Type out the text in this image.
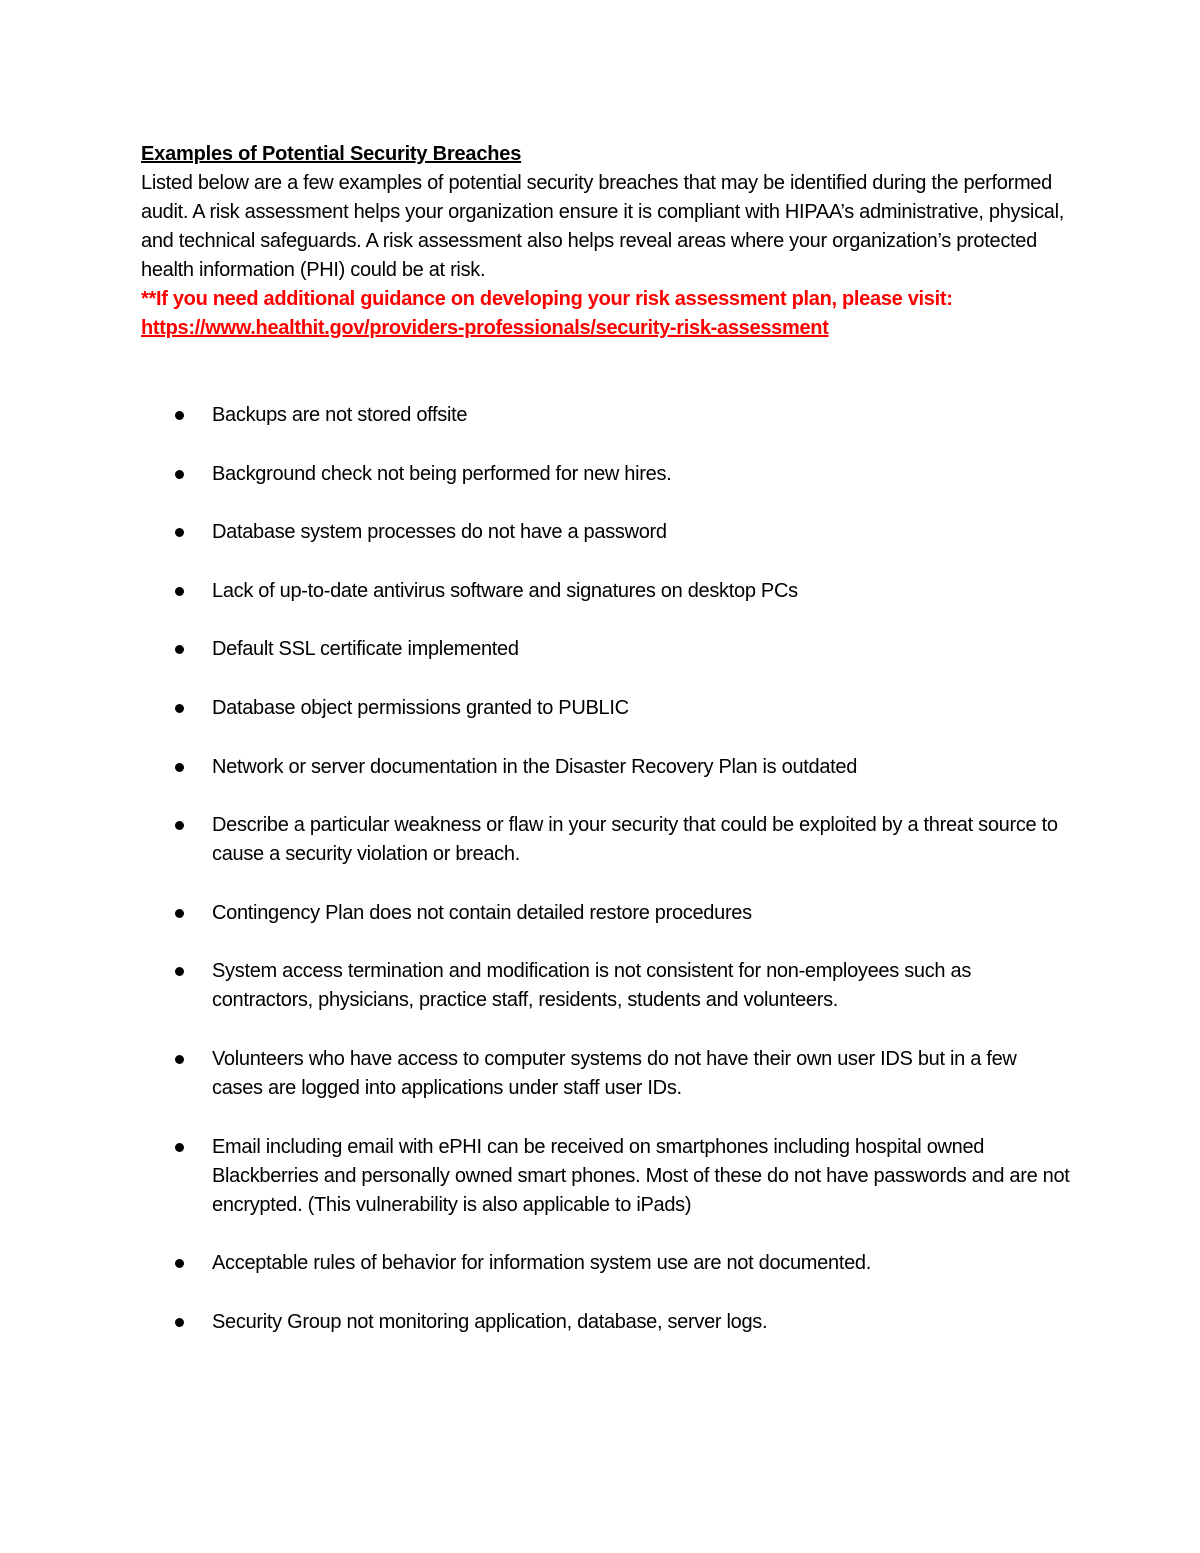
Examples of Potential Security Breaches

Listed below are a few examples of potential security breaches that may be identified during the performed audit. A risk assessment helps your organization ensure it is compliant with HIPAA’s administrative, physical, and technical safeguards. A risk assessment also helps reveal areas where your organization’s protected health information (PHI) could be at risk.

**If you need additional guidance on developing your risk assessment plan, please visit:
https://www.healthit.gov/providers-professionals/security-risk-assessment
Backups are not stored offsite
Background check not being performed for new hires.
Database system processes do not have a password
Lack of up-to-date antivirus software and signatures on desktop PCs
Default SSL certificate implemented
Database object permissions granted to PUBLIC
Network or server documentation in the Disaster Recovery Plan is outdated
Describe a particular weakness or flaw in your security that could be exploited by a threat source to cause a security violation or breach.
Contingency Plan does not contain detailed restore procedures
System access termination and modification is not consistent for non-employees such as contractors, physicians, practice staff, residents, students and volunteers.
Volunteers who have access to computer systems do not have their own user IDS but in a few cases are logged into applications under staff user IDs.
Email including email with ePHI can be received on smartphones including hospital owned Blackberries and personally owned smart phones. Most of these do not have passwords and are not encrypted. (This vulnerability is also applicable to iPads)
Acceptable rules of behavior for information system use are not documented.
Security Group not monitoring application, database, server logs.
